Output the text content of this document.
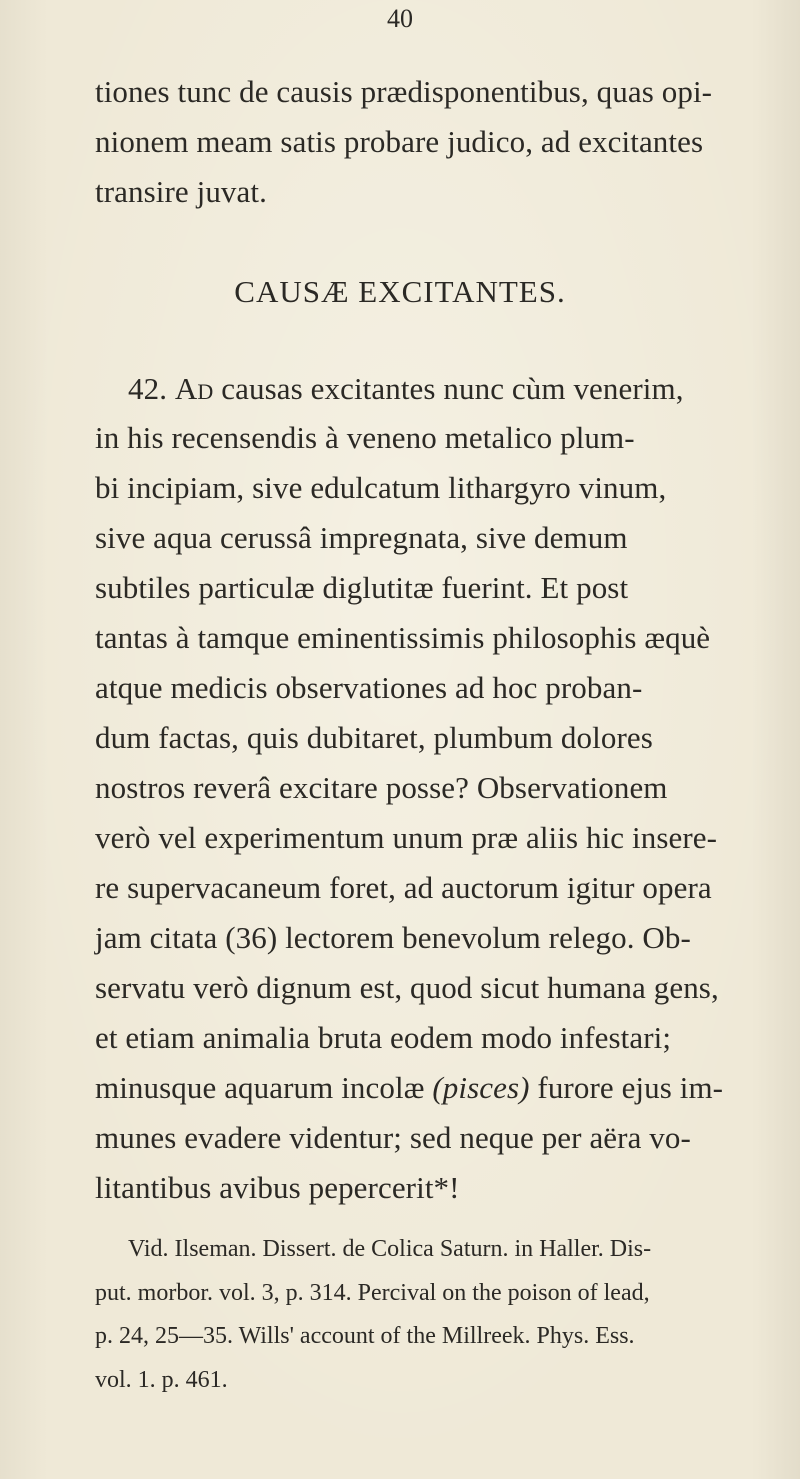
40
tiones tunc de causis prædisponentibus, quas opi-
nionem meam satis probare judico, ad excitantes
transire juvat.
CAUSÆ EXCITANTES.
42. Ad causas excitantes nunc cùm venerim,
in his recensendis à veneno metalico plum-
bi incipiam, sive edulcatum lithargyro vinum,
sive aqua cerussâ impregnata, sive demum
subtiles particulæ diglutitæ fuerint. Et post
tantas à tamque eminentissimis philosophis æquè
atque medicis observationes ad hoc proban-
dum factas, quis dubitaret, plumbum dolores
nostros reverâ excitare posse? Observationem
verò vel experimentum unum præ aliis hic insere-
re supervacaneum foret, ad auctorum igitur opera
jam citata (36) lectorem benevolum relego. Ob-
servatu verò dignum est, quod sicut humana gens,
et etiam animalia bruta eodem modo infestari;
minusque aquarum incolæ (pisces) furore ejus im-
munes evadere videntur; sed neque per aëra vo-
litantibus avibus pepercerit*!
Vid. Ilseman. Dissert. de Colica Saturn. in Haller. Dis-
put. morbor. vol. 3, p. 314. Percival on the poison of lead,
p. 24, 25—35. Wills' account of the Millreek. Phys. Ess.
vol. 1. p. 461.
